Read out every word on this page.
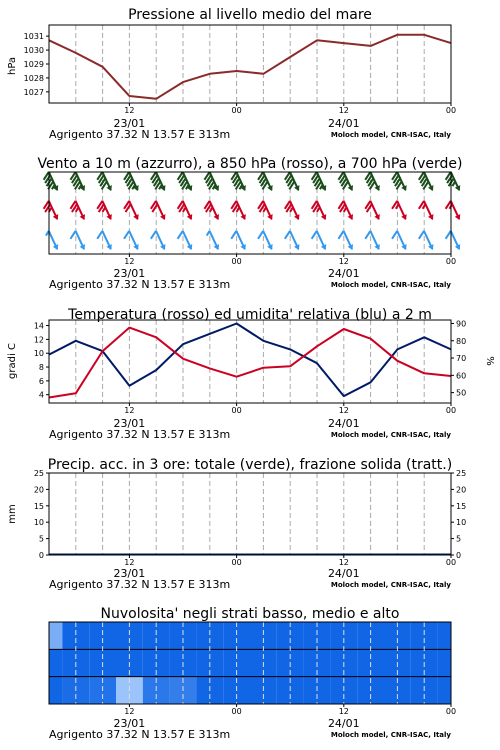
Pressione al livello medio del mare
hPa
1027
1028
1029
1030
1031
12	00	12	00
23/01	24/01
Agrigento 37.32 N 13.57 E 313m	Moloch model, CNR-ISAC, Italy
Vento a 10 m (azzurro), a 850 hPa (rosso), a 700 hPa (verde)
12	00	12	00
23/01	24/01
Agrigento 37.32 N 13.57 E 313m	Moloch model, CNR-ISAC, Italy
Temperatura (rosso) ed umidita' relativa (blu) a 2 m
gradi C	%
4
6
8
10
12
14
50
60
70
80
90
12	00	12	00
23/01	24/01
Agrigento 37.32 N 13.57 E 313m	Moloch model, CNR-ISAC, Italy
Precip. acc. in 3 ore: totale (verde), frazione solida (tratt.)
mm
0
5
10
15
20
25
0
5
10
15
20
25
12	00	12	00
23/01	24/01
Agrigento 37.32 N 13.57 E 313m	Moloch model, CNR-ISAC, Italy
Nuvolosita' negli strati basso, medio e alto
12	00	12	00
23/01	24/01
Agrigento 37.32 N 13.57 E 313m	Moloch model, CNR-ISAC, Italy
